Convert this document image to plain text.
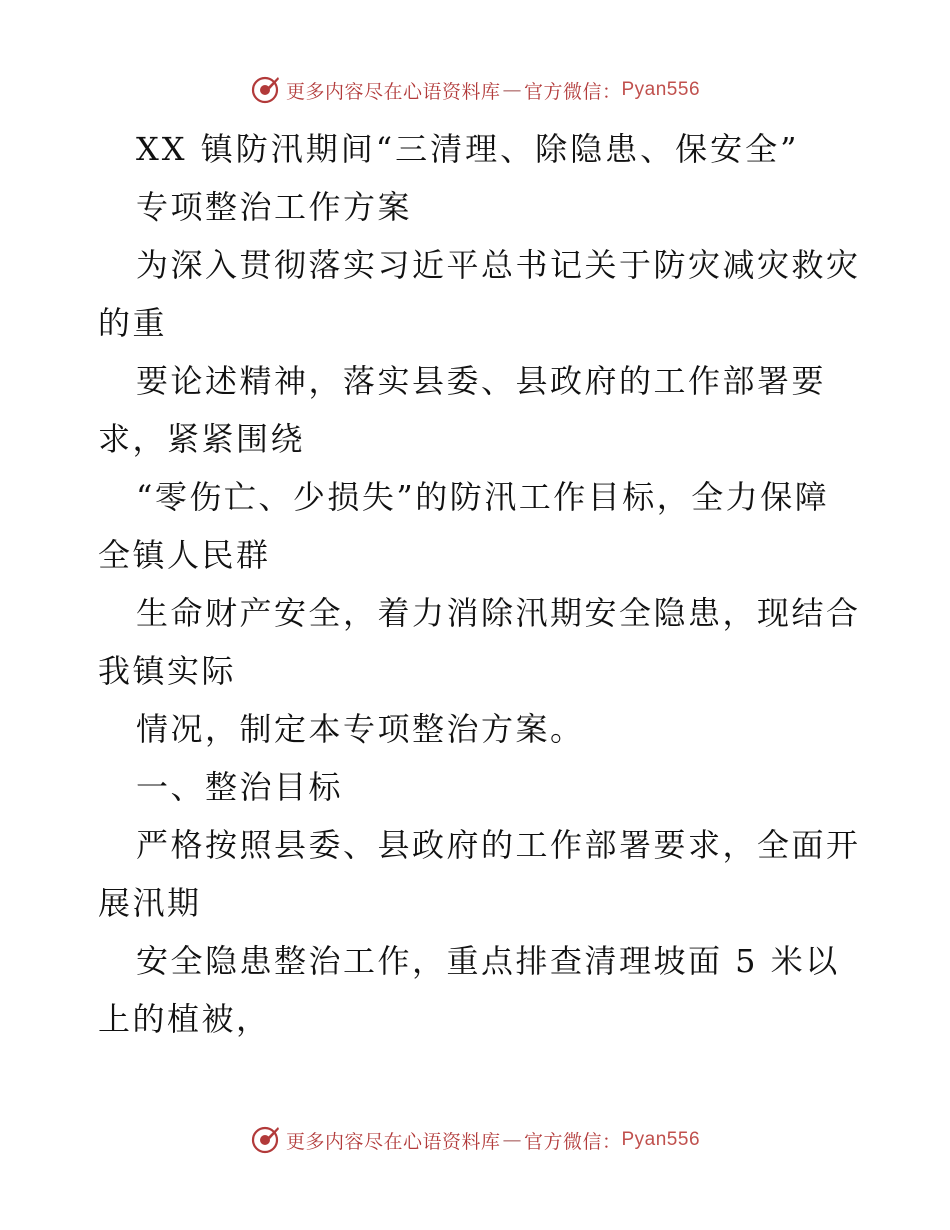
更多内容尽在心语资料库 — 官方微信： Pyan556
XX 镇防汛期间“三清理、除隐患、保安全”
专项整治工作方案
为深入贯彻落实习近平总书记关于防灾减灾救灾
的重
要论述精神，落实县委、县政府的工作部署要
求，紧紧围绕
“零伤亡、少损失”的防汛工作目标，全力保障
全镇人民群
生命财产安全，着力消除汛期安全隐患，现结合
我镇实际
情况，制定本专项整治方案。
一、整治目标
严格按照县委、县政府的工作部署要求，全面开
展汛期
安全隐患整治工作，重点排查清理坡面 5 米以
上的植被，
更多内容尽在心语资料库 — 官方微信： Pyan556
